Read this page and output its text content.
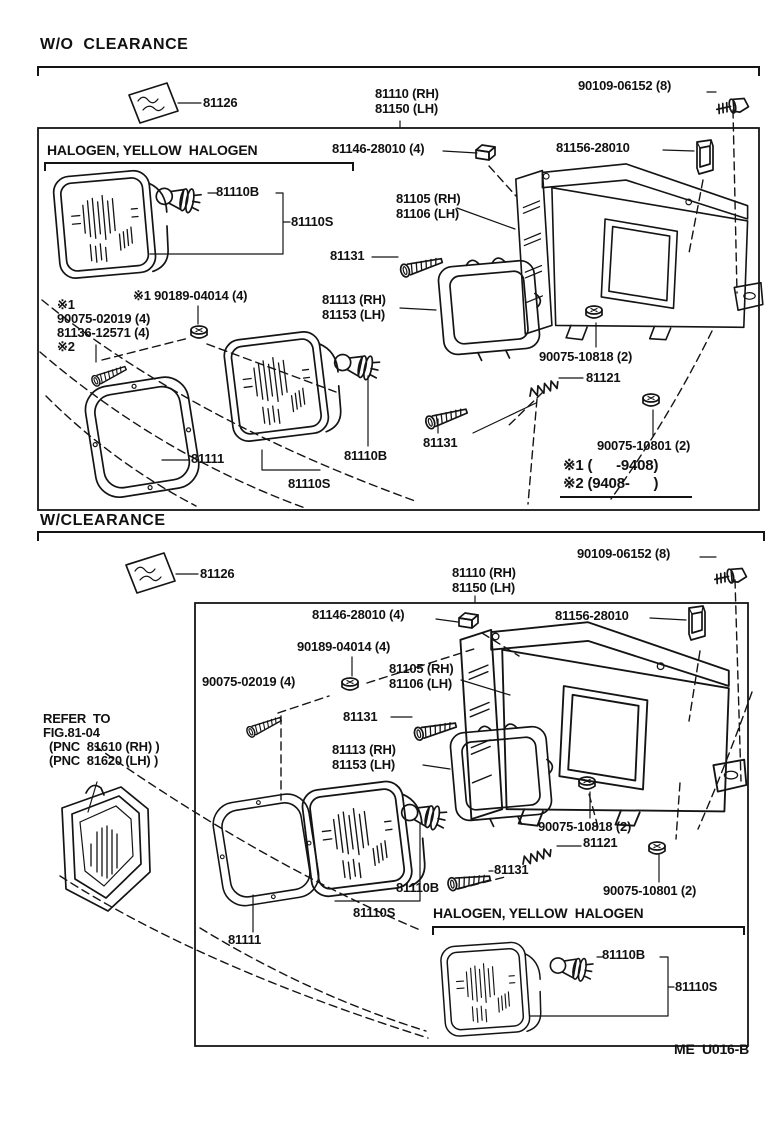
W/O  CLEARANCE
81126
81110 (RH)
81150 (LH)
90109-06152 (8)
HALOGEN, YELLOW  HALOGEN	81146-28010 (4)	81156-28010
81110B
81110S
81105 (RH)
81106 (LH)
81131
※1 90189-04014 (4)	81113 (RH)
81153 (LH)
※1
90075-02019 (4)
81136-12571 (4)
※2
90075-10818 (2)
81121
81131	90075-10801 (2)
81111	81110B
81110S
※1 (      -9408)
※2 (9408-      )
W/CLEARANCE
81126
90109-06152 (8)
81110 (RH)
81150 (LH)
81146-28010 (4)	81156-28010
90189-04014 (4)
81105 (RH)
81106 (LH)
90075-02019 (4)
81131
REFER  TO
FIG.81-04
(PNC  81610 (RH) )
(PNC  81620 (LH) )
81113 (RH)
81153 (LH)
90075-10818 (2)
81121
81131
90075-10801 (2)
81110B
81110S	HALOGEN, YELLOW  HALOGEN
81111
81110B
81110S
ME  U016-B
